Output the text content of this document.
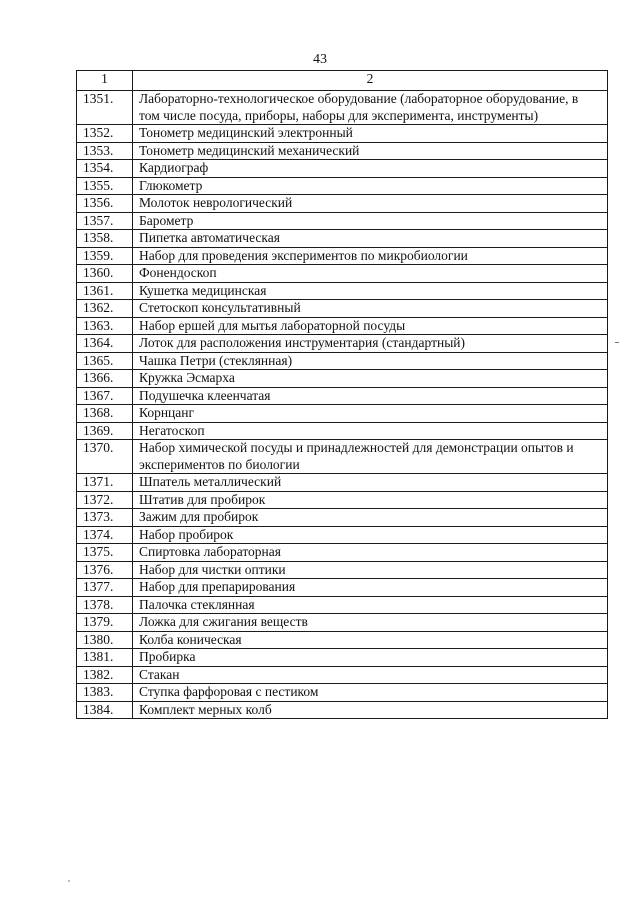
43
1	2
1351.	Лабораторно-технологическое оборудование (лабораторное оборудование, в том числе посуда, приборы, наборы для эксперимента, инструменты)
1352.	Тонометр медицинский электронный
1353.	Тонометр медицинский механический
1354.	Кардиограф
1355.	Глюкометр
1356.	Молоток неврологический
1357.	Барометр
1358.	Пипетка автоматическая
1359.	Набор для проведения экспериментов по микробиологии
1360.	Фонендоскоп
1361.	Кушетка медицинская
1362.	Стетоскоп консультативный
1363.	Набор ершей для мытья лабораторной посуды
1364.	Лоток для расположения инструментария (стандартный)
1365.	Чашка Петри (стеклянная)
1366.	Кружка Эсмарха
1367.	Подушечка клеенчатая
1368.	Корнцанг
1369.	Негатоскоп
1370.	Набор химической посуды и принадлежностей для демонстрации опытов и экспериментов по биологии
1371.	Шпатель металлический
1372.	Штатив для пробирок
1373.	Зажим для пробирок
1374.	Набор пробирок
1375.	Спиртовка лабораторная
1376.	Набор для чистки оптики
1377.	Набор для препарирования
1378.	Палочка стеклянная
1379.	Ложка для сжигания веществ
1380.	Колба коническая
1381.	Пробирка
1382.	Стакан
1383.	Ступка фарфоровая с пестиком
1384.	Комплект мерных колб
